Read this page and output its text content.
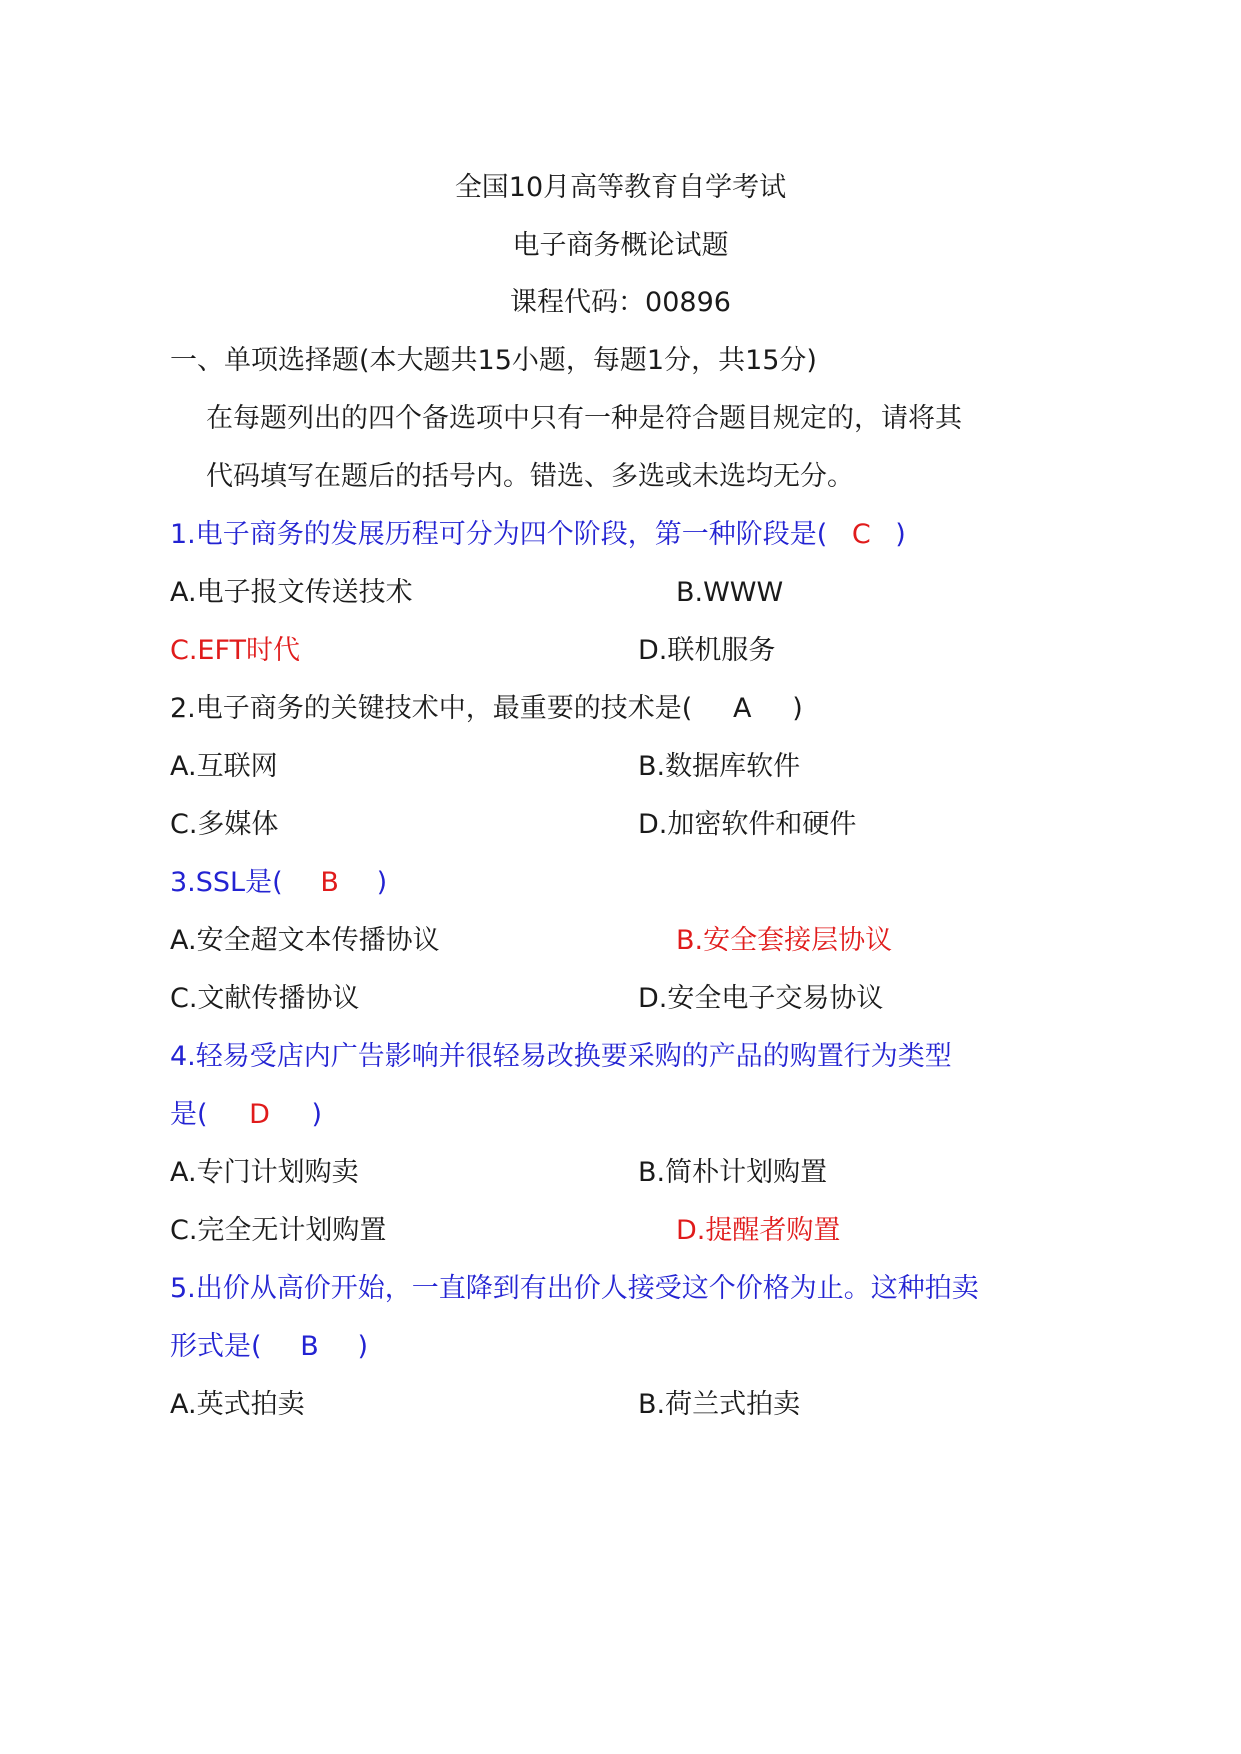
全国10月高等教育自学考试
电子商务概论试题
课程代码：00896
一、单项选择题(本大题共15小题，每题1分，共15分)
在每题列出的四个备选项中只有一种是符合题目规定的，请将其
代码填写在题后的括号内。错选、多选或未选均无分。
1.电子商务的发展历程可分为四个阶段，第一种阶段是( C )
A.电子报文传送技术	B.WWW
C.EFT时代	D.联机服务
2.电子商务的关键技术中，最重要的技术是( A )
A.互联网	B.数据库软件
C.多媒体	D.加密软件和硬件
3.SSL是( B )
A.安全超文本传播协议	B.安全套接层协议
C.文献传播协议	D.安全电子交易协议
4.轻易受店内广告影响并很轻易改换要采购的产品的购置行为类型
是( D )
A.专门计划购卖	B.简朴计划购置
C.完全无计划购置	D.提醒者购置
5.出价从高价开始，一直降到有出价人接受这个价格为止。这种拍卖
形式是( B )
A.英式拍卖	B.荷兰式拍卖
